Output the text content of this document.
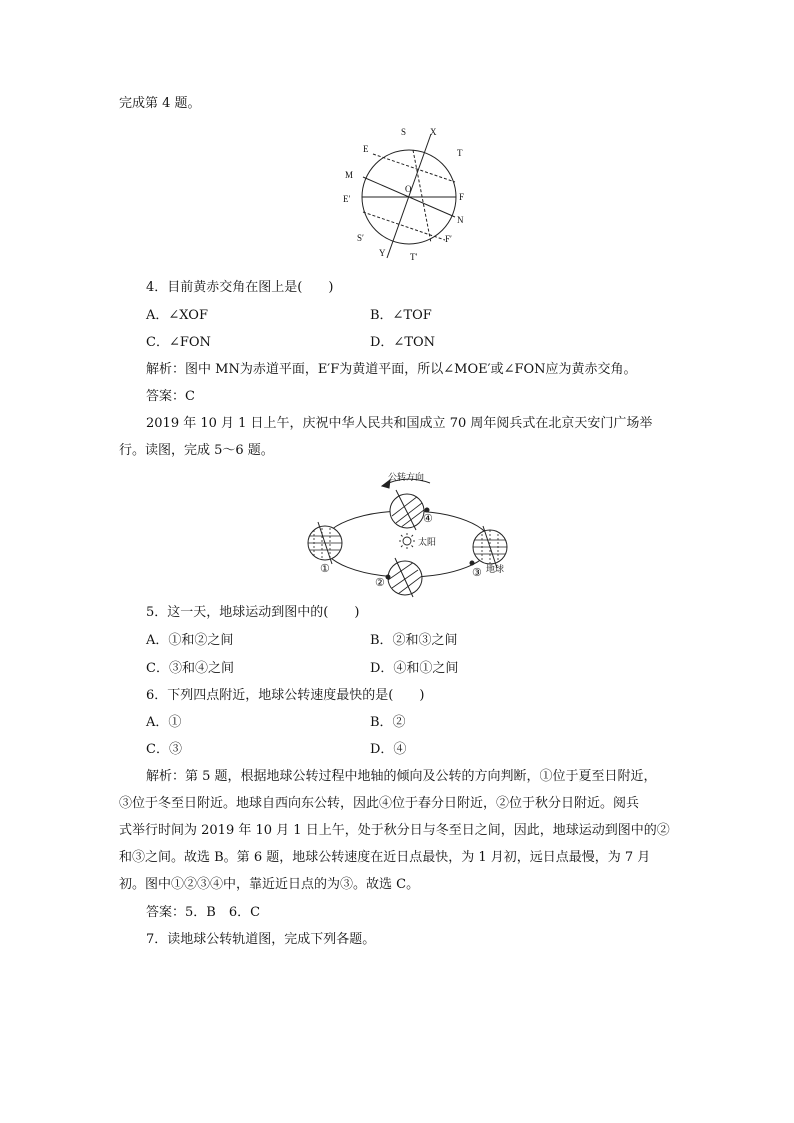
完成第 4 题。
S	X
E	T
M
O
E′	F
N
S′	F′
Y	T′
4．目前黄赤交角在图上是(　　)
A．∠XOF	B．∠TOF
C．∠FON	D．∠TON
解析：图中 MN为赤道平面，E′F为黄道平面，所以∠MOE′或∠FON应为黄赤交角。
答案：C
2019 年 10 月 1 日上午，庆祝中华人民共和国成立 70 周年阅兵式在北京天安门广场举
行。读图，完成 5～6 题。
公转方向
太阳
地球
①
②
③
④
5．这一天，地球运动到图中的(　　)
A．①和②之间	B．②和③之间
C．③和④之间	D．④和①之间
6．下列四点附近，地球公转速度最快的是(　　)
A．①	B．②
C．③	D．④
解析：第 5 题，根据地球公转过程中地轴的倾向及公转的方向判断，①位于夏至日附近，
③位于冬至日附近。地球自西向东公转，因此④位于春分日附近，②位于秋分日附近。阅兵
式举行时间为 2019 年 10 月 1 日上午，处于秋分日与冬至日之间，因此，地球运动到图中的②
和③之间。故选 B。第 6 题，地球公转速度在近日点最快，为 1 月初，远日点最慢，为 7 月
初。图中①②③④中，靠近近日点的为③。故选 C。
答案：5．B　6．C
7．读地球公转轨道图，完成下列各题。
